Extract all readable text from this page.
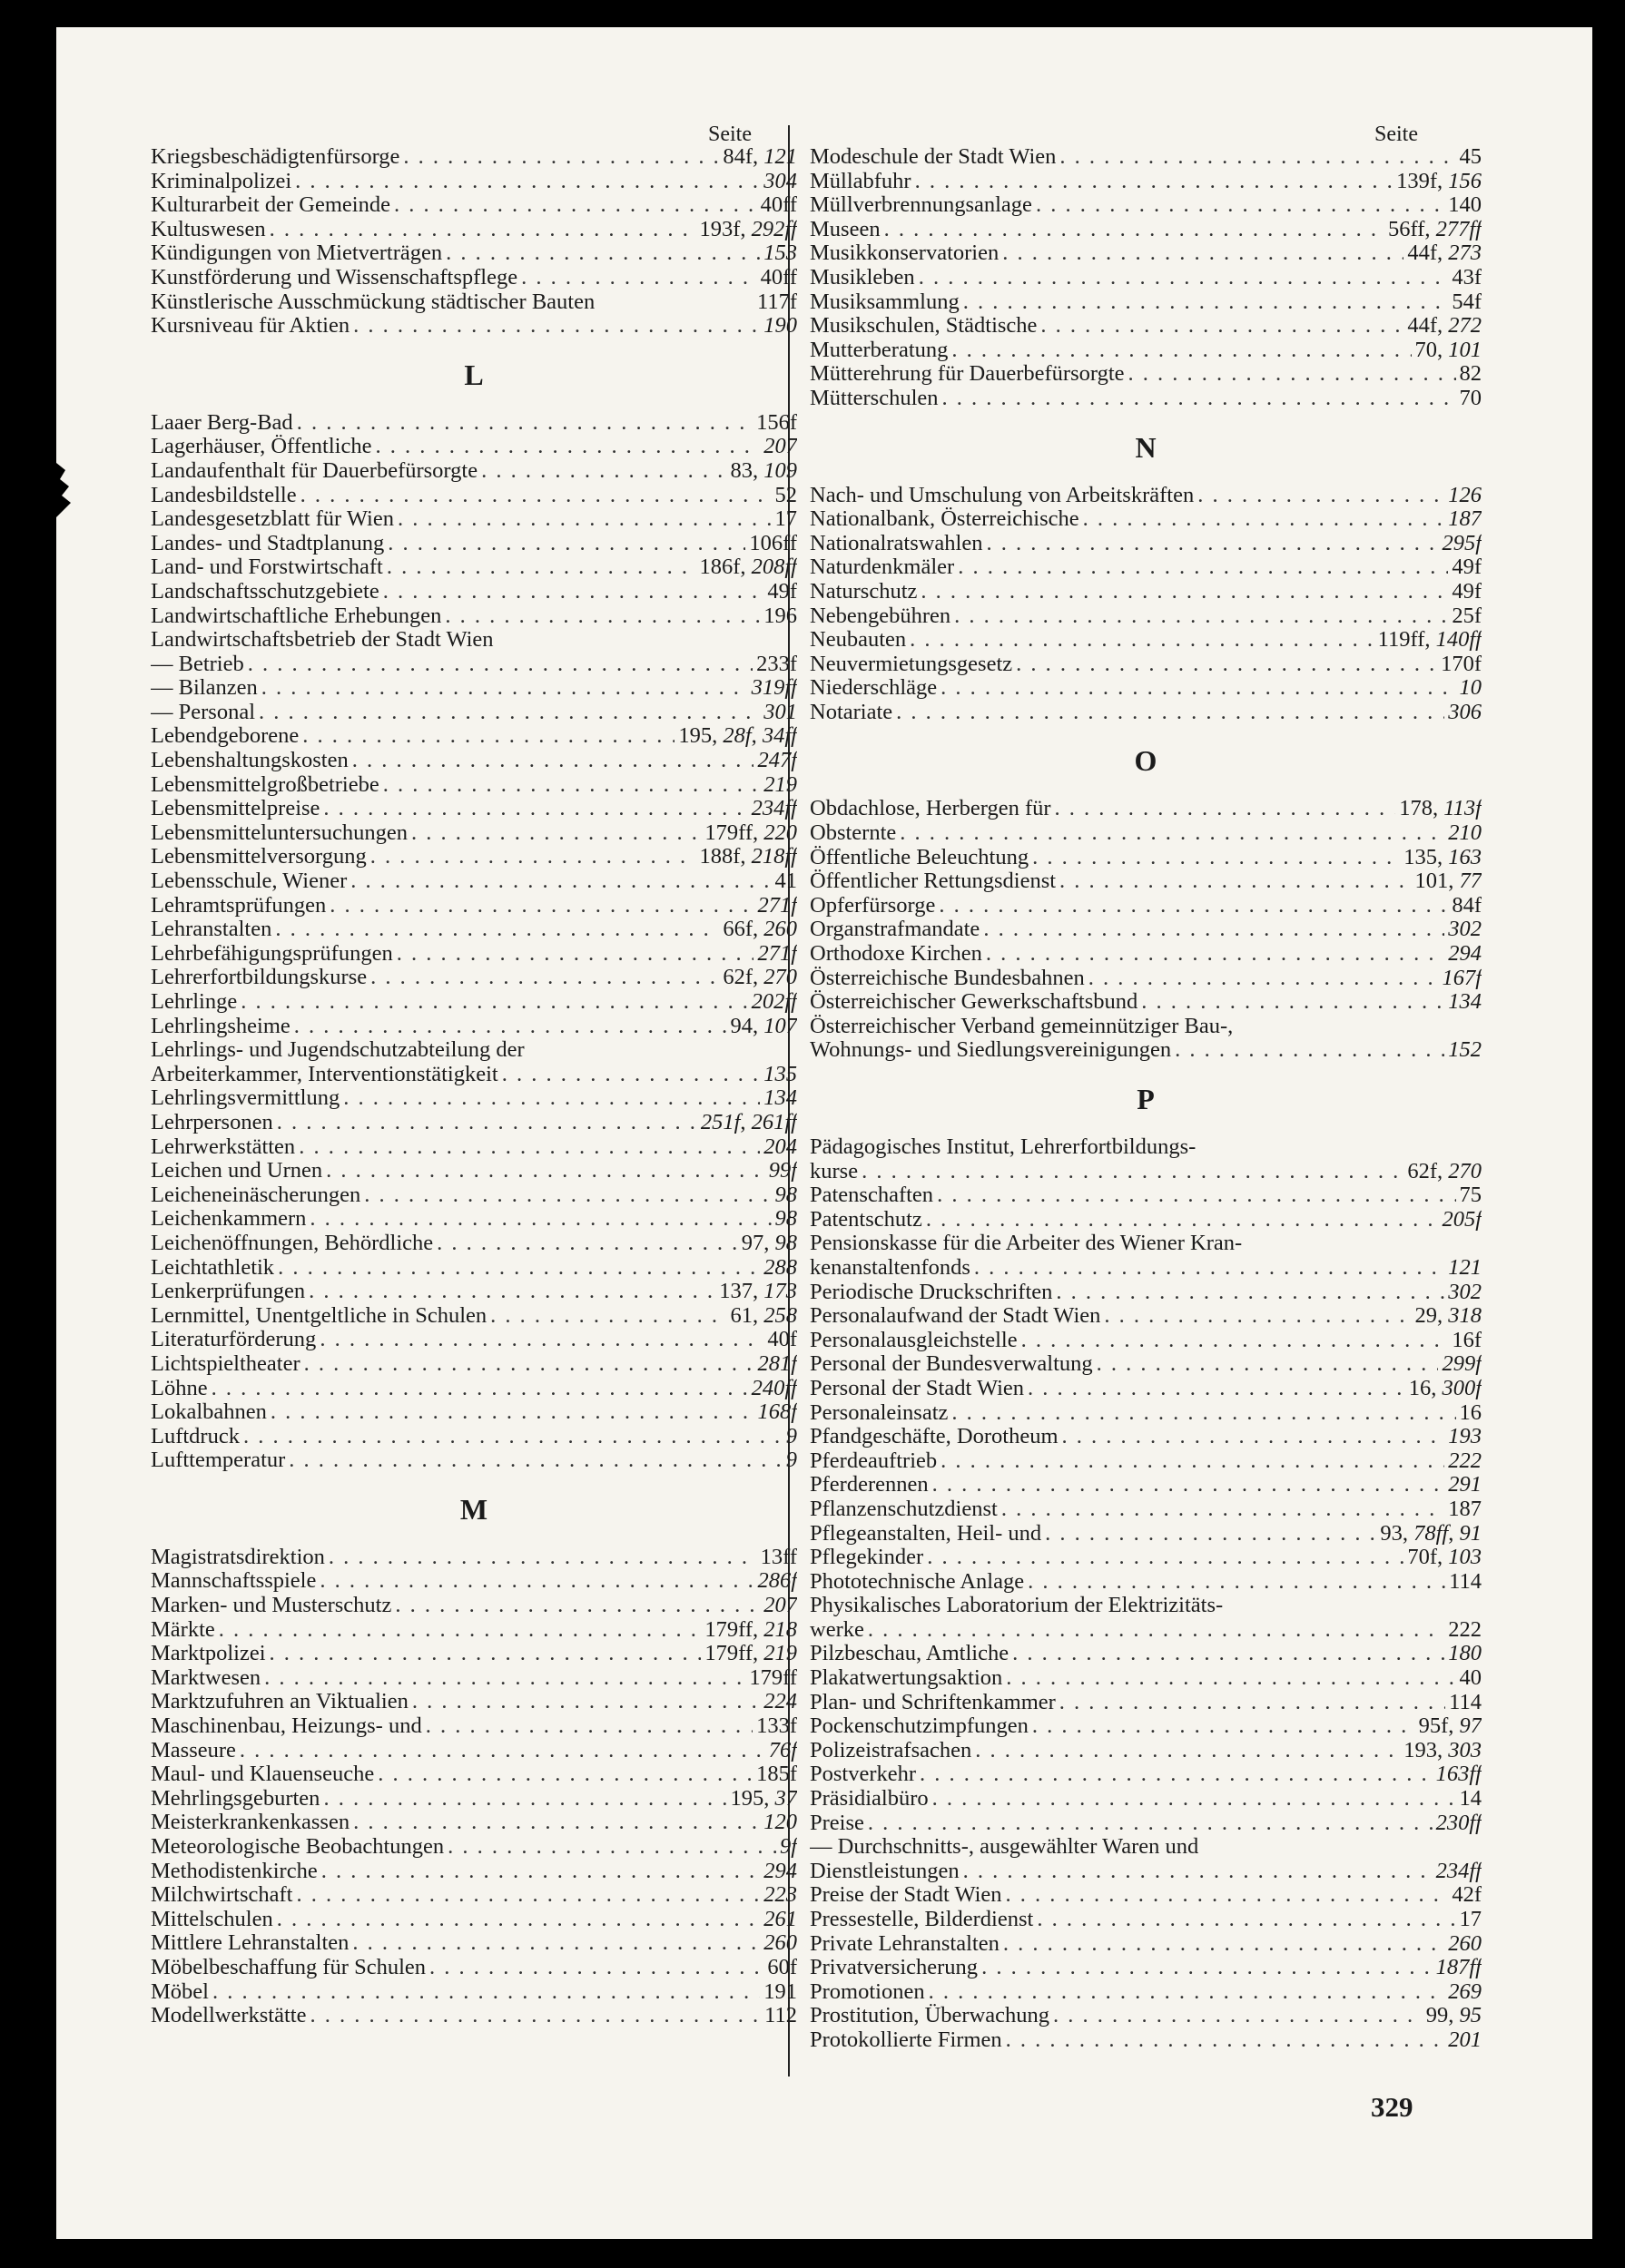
Seite	Seite
Kriegsbeschädigtenfürsorge . . .	84f, 121
Kriminalpolizei . . .	304
Kulturarbeit der Gemeinde . . .	40ff
Kultuswesen . . .	193f, 292ff
Kündigungen von Mietverträgen . . .	153
Kunstförderung und Wissenschaftspflege . . .	40ff
Künstlerische Ausschmückung städtischer Bauten	117f
Kursniveau für Aktien . . .	190
L
Laaer Berg-Bad . . .	156f
Lagerhäuser, Öffentliche . . .	207
Landaufenthalt für Dauerbefürsorgte . . .	83, 109
Landesbildstelle . . .	52
Landesgesetzblatt für Wien . . .	17
Landes- und Stadtplanung . . .	106ff
Land- und Forstwirtschaft . . .	186f, 208ff
Landschaftsschutzgebiete . . .	49f
Landwirtschaftliche Erhebungen . . .	196
Landwirtschaftsbetrieb der Stadt Wien
— Betrieb . . .	233f
— Bilanzen . . .	319ff
— Personal . . .	301
Lebendgeborene . . .	195, 28f, 34ff
Lebenshaltungskosten . . .	247f
Lebensmittelgroßbetriebe . . .	219
Lebensmittelpreise . . .	234ff
Lebensmitteluntersuchungen . . .	179ff, 220
Lebensmittelversorgung . . .	188f, 218ff
Lebensschule, Wiener . . .	41
Lehramtsprüfungen . . .	271f
Lehranstalten . . .	66f, 260
Lehrbefähigungsprüfungen . . .	271f
Lehrerfortbildungskurse . . .	62f, 270
Lehrlinge . . .	202ff
Lehrlingsheime . . .	94, 107
Lehrlings- und Jugendschutzabteilung der
Arbeiterkammer, Interventionstätigkeit . . .	135
Lehrlingsvermittlung . . .	134
Lehrpersonen . . .	251f, 261ff
Lehrwerkstätten . . .	204
Leichen und Urnen . . .	99f
Leicheneinäscherungen . . .	98
Leichenkammern . . .	98
Leichenöffnungen, Behördliche . . .	97, 98
Leichtathletik . . .	288
Lenkerprüfungen . . .	137, 173
Lernmittel, Unentgeltliche in Schulen . . .	61, 258
Literaturförderung . . .	40f
Lichtspieltheater . . .	281f
Löhne . . .	240ff
Lokalbahnen . . .	168f
Luftdruck . . .	9
Lufttemperatur . . .	9
M
Magistratsdirektion . . .	13ff
Mannschaftsspiele . . .	286f
Marken- und Musterschutz . . .	207
Märkte . . .	179ff, 218
Marktpolizei . . .	179ff, 219
Marktwesen . . .	179ff
Marktzufuhren an Viktualien . . .	224
Maschinenbau, Heizungs- und . . .	133f
Masseure . . .	76f
Maul- und Klauenseuche . . .	185f
Mehrlingsgeburten . . .	195, 37
Meisterkrankenkassen . . .	120
Meteorologische Beobachtungen . . .	9f
Methodistenkirche . . .	294
Milchwirtschaft . . .	223
Mittelschulen . . .	261
Mittlere Lehranstalten . . .	260
Möbelbeschaffung für Schulen . . .	60f
Möbel . . .	191
Modellwerkstätte . . .	112
Modeschule der Stadt Wien . . .	45
Müllabfuhr . . .	139f, 156
Müllverbrennungsanlage . . .	140
Museen . . .	56ff, 277ff
Musikkonservatorien . . .	44f, 273
Musikleben . . .	43f
Musiksammlung . . .	54f
Musikschulen, Städtische . . .	44f, 272
Mutterberatung . . .	70, 101
Mütterehrung für Dauerbefürsorgte . . .	82
Mütterschulen . . .	70
N
Nach- und Umschulung von Arbeitskräften . . .	126
Nationalbank, Österreichische . . .	187
Nationalratswahlen . . .	295f
Naturdenkmäler . . .	49f
Naturschutz . . .	49f
Nebengebühren . . .	25f
Neubauten . . .	119ff, 140ff
Neuvermietungsgesetz . . .	170f
Niederschläge . . .	10
Notariate . . .	306
O
Obdachlose, Herbergen für . . .	178, 113f
Obsternte . . .	210
Öffentliche Beleuchtung . . .	135, 163
Öffentlicher Rettungsdienst . . .	101, 77
Opferfürsorge . . .	84f
Organstrafmandate . . .	302
Orthodoxe Kirchen . . .	294
Österreichische Bundesbahnen . . .	167f
Österreichischer Gewerkschaftsbund . . .	134
Österreichischer Verband gemeinnütziger Bau-,
Wohnungs- und Siedlungsvereinigungen . . .	152
P
Pädagogisches Institut, Lehrerfortbildungs-
kurse . . .	62f, 270
Patenschaften . . .	75
Patentschutz . . .	205f
Pensionskasse für die Arbeiter des Wiener Kran-
kenanstaltenfonds . . .	121
Periodische Druckschriften . . .	302
Personalaufwand der Stadt Wien . . .	29, 318
Personalausgleichstelle . . .	16f
Personal der Bundesverwaltung . . .	299f
Personal der Stadt Wien . . .	16, 300f
Personaleinsatz . . .	16
Pfandgeschäfte, Dorotheum . . .	193
Pferdeauftrieb . . .	222
Pferderennen . . .	291
Pflanzenschutzdienst . . .	187
Pflegeanstalten, Heil- und . . .	93, 78ff, 91
Pflegekinder . . .	70f, 103
Phototechnische Anlage . . .	114
Physikalisches Laboratorium der Elektrizitäts-
werke . . .	222
Pilzbeschau, Amtliche . . .	180
Plakatwertungsaktion . . .	40
Plan- und Schriftenkammer . . .	114
Pockenschutzimpfungen . . .	95f, 97
Polizeistrafsachen . . .	193, 303
Postverkehr . . .	163ff
Präsidialbüro . . .	14
Preise . . .	230ff
— Durchschnitts-, ausgewählter Waren und
Dienstleistungen . . .	234ff
Preise der Stadt Wien . . .	42f
Pressestelle, Bilderdienst . . .	17
Private Lehranstalten . . .	260
Privatversicherung . . .	187ff
Promotionen . . .	269
Prostitution, Überwachung . . .	99, 95
Protokollierte Firmen . . .	201
329
